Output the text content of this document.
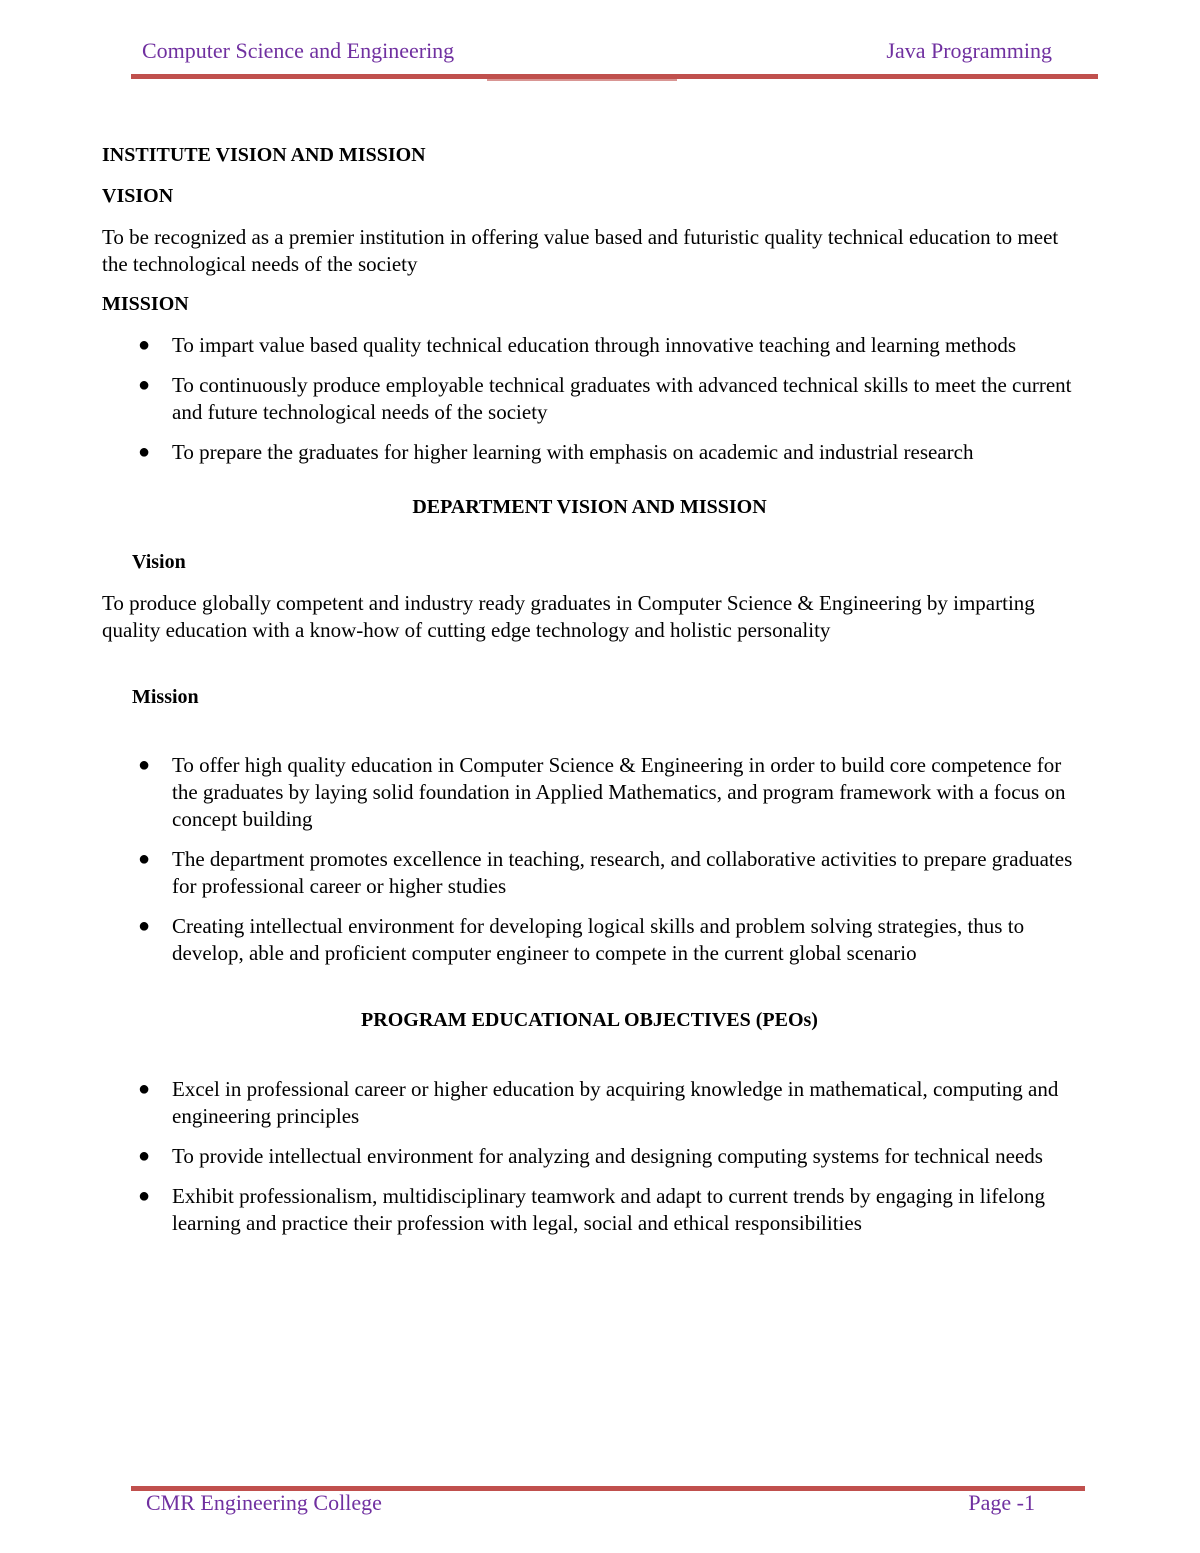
Computer Science and Engineering	Java Programming
INSTITUTE VISION AND MISSION
VISION

To be recognized as a premier institution in offering value based and futuristic quality technical education to meet the technological needs of the society

MISSION
● To impart value based quality technical education through innovative teaching and learning methods
● To continuously produce employable technical graduates with advanced technical skills to meet the current and future technological needs of the society
● To prepare the graduates for higher learning with emphasis on academic and industrial research
DEPARTMENT VISION AND MISSION
Vision

To produce globally competent and industry ready graduates in Computer Science & Engineering by imparting quality education with a know-how of cutting edge technology and holistic personality

Mission
● To offer high quality education in Computer Science & Engineering in order to build core competence for the graduates by laying solid foundation in Applied Mathematics, and program framework with a focus on concept building
● The department promotes excellence in teaching, research, and collaborative activities to prepare graduates for professional career or higher studies
● Creating intellectual environment for developing logical skills and problem solving strategies, thus to develop, able and proficient computer engineer to compete in the current global scenario
PROGRAM EDUCATIONAL OBJECTIVES (PEOs)
● Excel in professional career or higher education by acquiring knowledge in mathematical, computing and engineering principles
● To provide intellectual environment for analyzing and designing computing systems for technical needs
● Exhibit professionalism, multidisciplinary teamwork and adapt to current trends by engaging in lifelong learning and practice their profession with legal, social and ethical responsibilities
CMR Engineering College	Page -1
